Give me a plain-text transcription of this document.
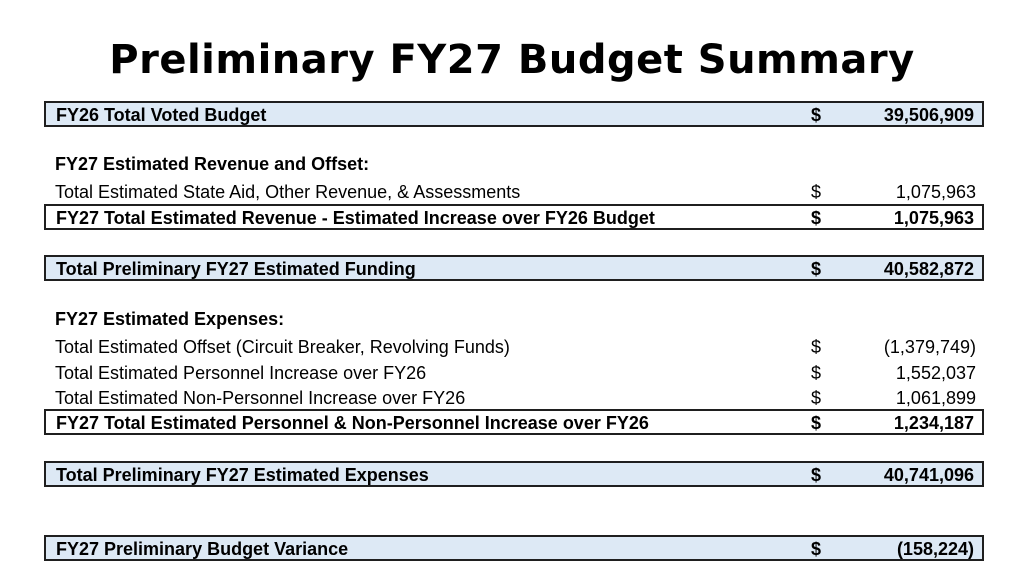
Preliminary FY27 Budget Summary
FY26 Total Voted Budget	$	39,506,909
FY27 Estimated Revenue and Offset:
Total Estimated State Aid, Other Revenue, & Assessments	$	1,075,963
FY27 Total Estimated Revenue - Estimated Increase over FY26 Budget	$	1,075,963
Total Preliminary FY27 Estimated Funding	$	40,582,872
FY27 Estimated Expenses:
Total Estimated Offset (Circuit Breaker, Revolving Funds)	$	(1,379,749)
Total Estimated Personnel Increase over FY26	$	1,552,037
Total Estimated Non-Personnel Increase over FY26	$	1,061,899
FY27 Total Estimated Personnel & Non-Personnel Increase over FY26	$	1,234,187
Total Preliminary FY27 Estimated Expenses	$	40,741,096
FY27 Preliminary Budget Variance	$	(158,224)
